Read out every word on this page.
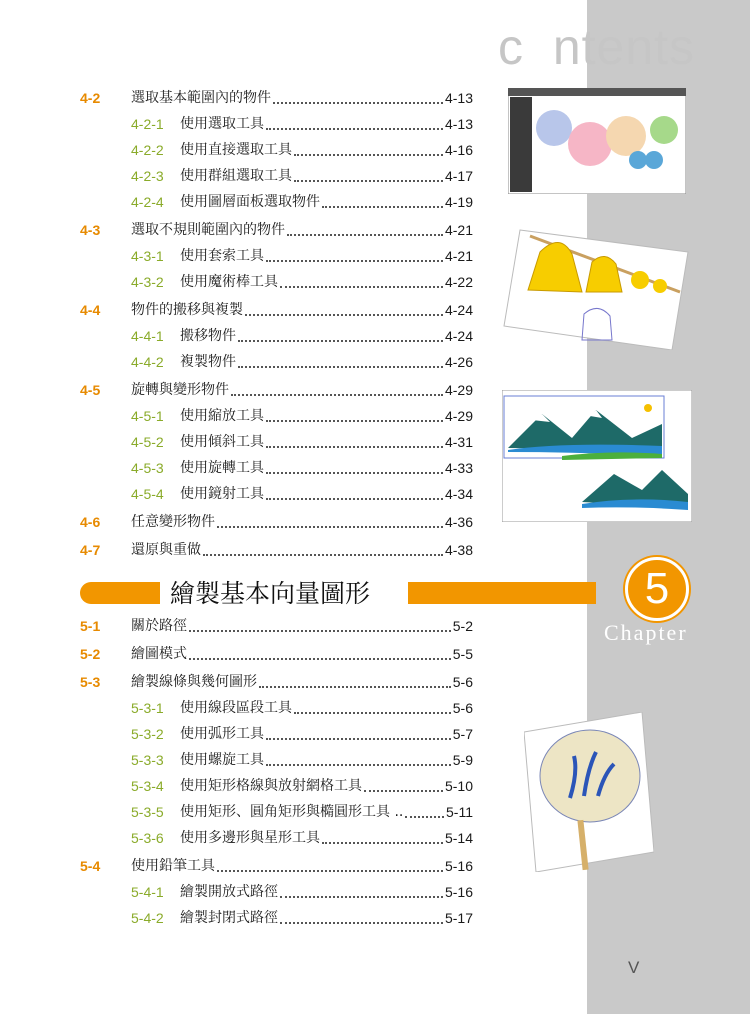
contents
4-2 選取基本範圍內的物件	4-13
4-2-1 使用選取工具	4-13
4-2-2 使用直接選取工具	4-16
4-2-3 使用群組選取工具	4-17
4-2-4 使用圖層面板選取物件	4-19
4-3 選取不規則範圍內的物件	4-21
4-3-1 使用套索工具	4-21
4-3-2 使用魔術棒工具	4-22
4-4 物件的搬移與複製	4-24
4-4-1 搬移物件	4-24
4-4-2 複製物件	4-26
4-5 旋轉與變形物件	4-29
4-5-1 使用縮放工具	4-29
4-5-2 使用傾斜工具	4-31
4-5-3 使用旋轉工具	4-33
4-5-4 使用鏡射工具	4-34
4-6 任意變形物件	4-36
4-7 還原與重做	4-38
繪製基本向量圖形	5
Chapter
5-1 關於路徑	5-2
5-2 繪圖模式	5-5
5-3 繪製線條與幾何圖形	5-6
5-3-1 使用線段區段工具	5-6
5-3-2 使用弧形工具	5-7
5-3-3 使用螺旋工具	5-9
5-3-4 使用矩形格線與放射網格工具	5-10
5-3-5 使用矩形、圓角矩形與橢圓形工具 ..	5-11
5-3-6 使用多邊形與星形工具	5-14
5-4 使用鉛筆工具	5-16
5-4-1 繪製開放式路徑	5-16
5-4-2 繪製封閉式路徑	5-17
V
